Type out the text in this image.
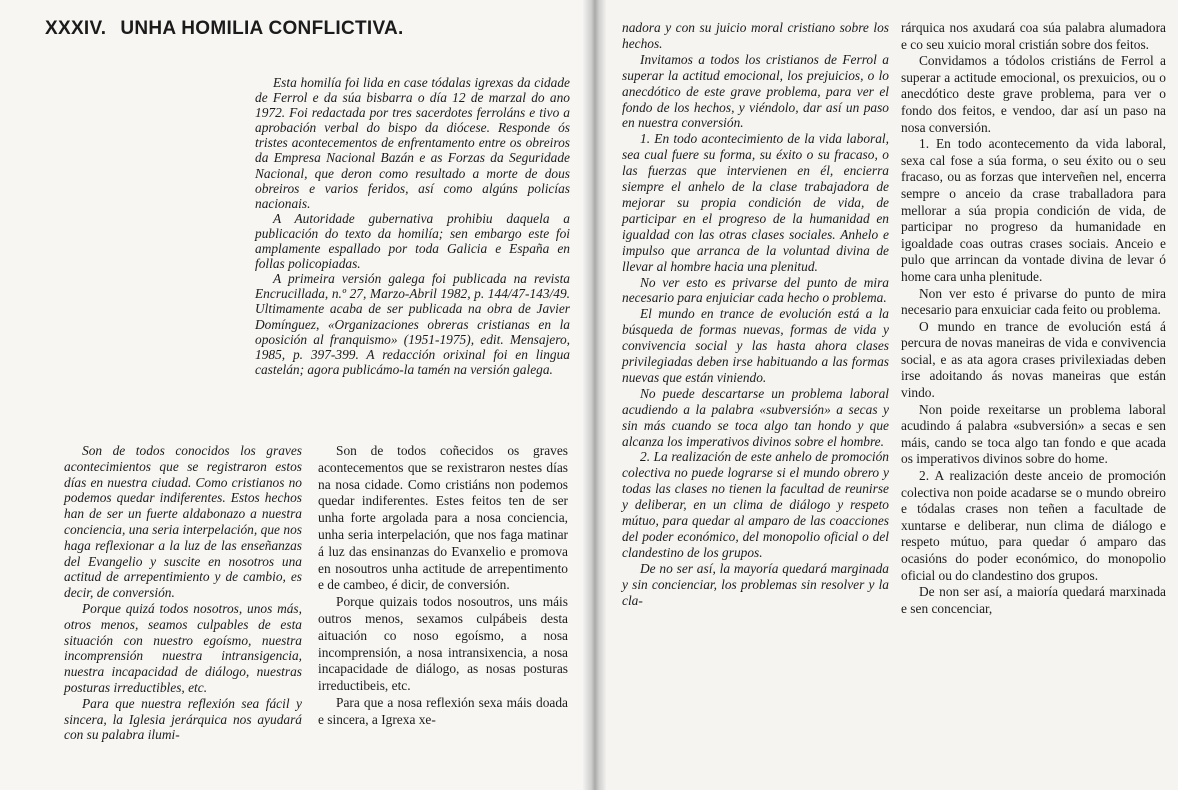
XXXIV. UNHA HOMILIA CONFLICTIVA.

Esta homilía foi lida en case tódalas igrexas da cidade de Ferrol e da súa bisbarra o día 12 de marzal do ano 1972. Foi redactada por tres sacerdotes ferroláns e tivo a aprobación verbal do bispo da diócese. Responde ós tristes acontecementos de enfrentamento entre os obreiros da Empresa Nacional Bazán e as Forzas da Seguridade Nacional, que deron como resultado a morte de dous obreiros e varios feridos, así como algúns policías nacionais.

A Autoridade gubernativa prohibiu daquela a publicación do texto da homilía; sen embargo este foi amplamente espallado por toda Galicia e España en follas policopiadas.

A primeira versión galega foi publicada na revista Encrucillada, n.º 27, Marzo-Abril 1982, p. 144/47-143/49. Ultimamente acaba de ser publicada na obra de Javier Domínguez, «Organizaciones obreras cristianas en la oposición al franquismo» (1951-1975), edit. Mensajero, 1985, p. 397-399. A redacción orixinal foi en lingua castelán; agora publicámo-la tamén na versión galega.

Son de todos conocidos los graves acontecimientos que se registraron estos días en nuestra ciudad. Como cristianos no podemos quedar indiferentes. Estos hechos han de ser un fuerte aldabonazo a nuestra conciencia, una seria interpelación, que nos haga reflexionar a la luz de las enseñanzas del Evangelio y suscite en nosotros una actitud de arrepentimiento y de cambio, es decir, de conversión.

Porque quizá todos nosotros, unos más, otros menos, seamos culpables de esta situación con nuestro egoísmo, nuestra incomprensión nuestra intransigencia, nuestra incapacidad de diálogo, nuestras posturas irreductibles, etc.

Para que nuestra reflexión sea fácil y sincera, la Iglesia jerárquica nos ayudará con su palabra ilumi-

Son de todos coñecidos os graves acontecementos que se rexistraron nestes días na nosa cidade. Como cristiáns non podemos quedar indiferentes. Estes feitos ten de ser unha forte argolada para a nosa conciencia, unha seria interpelación, que nos faga matinar á luz das ensinanzas do Evanxelio e promova en nosoutros unha actitude de arrepentimento e de cambeo, é dicir, de conversión.

Porque quizais todos nosoutros, uns máis outros menos, sexamos culpábeis desta aituación co noso egoísmo, a nosa incomprensión, a nosa intransixencia, a nosa incapacidade de diálogo, as nosas posturas irreductibeis, etc.

Para que a nosa reflexión sexa máis doada e sincera, a Igrexa xe-

nadora y con su juicio moral cristiano sobre los hechos.

Invitamos a todos los cristianos de Ferrol a superar la actitud emocional, los prejuicios, o lo anecdótico de este grave problema, para ver el fondo de los hechos, y viéndolo, dar así un paso en nuestra conversión.

1. En todo acontecimiento de la vida laboral, sea cual fuere su forma, su éxito o su fracaso, o las fuerzas que intervienen en él, encierra siempre el anhelo de la clase trabajadora de mejorar su propia condición de vida, de participar en el progreso de la humanidad en igualdad con las otras clases sociales. Anhelo e impulso que arranca de la voluntad divina de llevar al hombre hacia una plenitud.

No ver esto es privarse del punto de mira necesario para enjuiciar cada hecho o problema.

El mundo en trance de evolución está a la búsqueda de formas nuevas, formas de vida y convivencia social y las hasta ahora clases privilegiadas deben irse habituando a las formas nuevas que están viniendo.

No puede descartarse un problema laboral acudiendo a la palabra «subversión» a secas y sin más cuando se toca algo tan hondo y que alcanza los imperativos divinos sobre el hombre.

2. La realización de este anhelo de promoción colectiva no puede lograrse si el mundo obrero y todas las clases no tienen la facultad de reunirse y deliberar, en un clima de diálogo y respeto mútuo, para quedar al amparo de las coacciones del poder económico, del monopolio oficial o del clandestino de los grupos.

De no ser así, la mayoría quedará marginada y sin concienciar, los problemas sin resolver y la cla-

rárquica nos axudará coa súa palabra alumadora e co seu xuicio moral cristián sobre dos feitos.

Convidamos a tódolos cristiáns de Ferrol a superar a actitude emocional, os prexuicios, ou o anecdótico deste grave problema, para ver o fondo dos feitos, e vendoo, dar así un paso na nosa conversión.

1. En todo acontecemento da vida laboral, sexa cal fose a súa forma, o seu éxito ou o seu fracaso, ou as forzas que interveñen nel, encerra sempre o anceio da crase traballadora para mellorar a súa propia condición de vida, de participar no progreso da humanidade en igoaldade coas outras crases sociais. Anceio e pulo que arrincan da vontade divina de levar ó home cara unha plenitude.

Non ver esto é privarse do punto de mira necesario para enxuiciar cada feito ou problema.

O mundo en trance de evolución está á percura de novas maneiras de vida e convivencia social, e as ata agora crases privilexiadas deben irse adoitando ás novas maneiras que están vindo.

Non poide rexeitarse un problema laboral acudindo á palabra «subversión» a secas e sen máis, cando se toca algo tan fondo e que acada os imperativos divinos sobre do home.

2. A realización deste anceio de promoción colectiva non poide acadarse se o mundo obreiro e tódalas crases non teñen a facultade de xuntarse e deliberar, nun clima de diálogo e respeto mútuo, para quedar ó amparo das ocasións do poder económico, do monopolio oficial ou do clandestino dos grupos.

De non ser así, a maioría quedará marxinada e sen concenciar,
